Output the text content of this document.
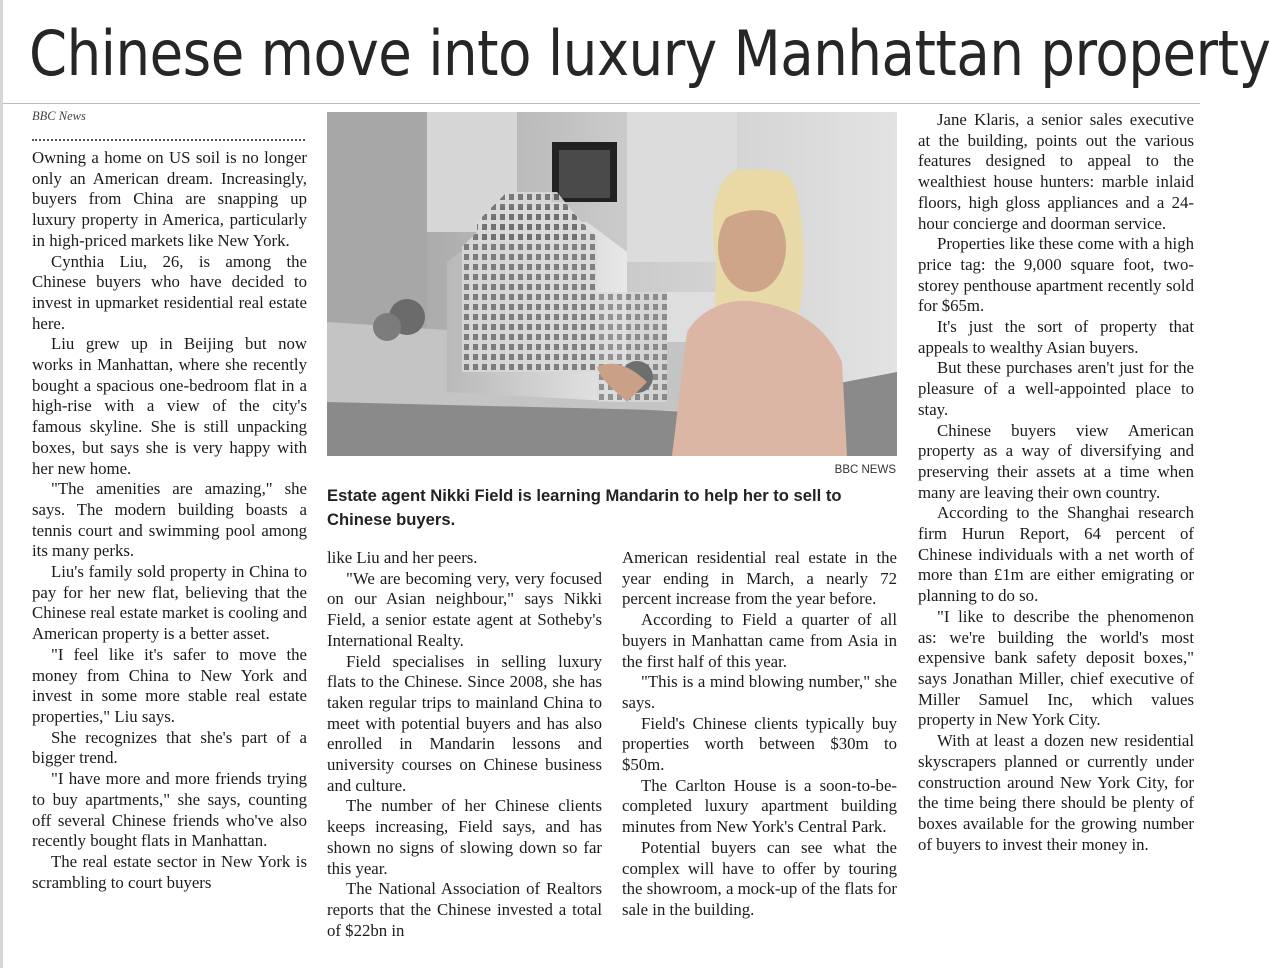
Chinese move into luxury Manhattan property

BBC News

Owning a home on US soil is no longer only an American dream. Increasingly, buyers from China are snapping up luxury property in America, particularly in high-priced markets like New York.

Cynthia Liu, 26, is among the Chinese buyers who have decided to invest in upmarket residential real estate here.

Liu grew up in Beijing but now works in Manhattan, where she recently bought a spacious one-bedroom flat in a high-rise with a view of the city's famous skyline. She is still unpacking boxes, but says she is very happy with her new home.

"The amenities are amazing," she says. The modern building boasts a tennis court and swimming pool among its many perks.

Liu's family sold property in China to pay for her new flat, believing that the Chinese real estate market is cooling and American property is a better asset.

"I feel like it's safer to move the money from China to New York and invest in some more stable real estate properties," Liu says.

She recognizes that she's part of a bigger trend.

"I have more and more friends trying to buy apartments," she says, counting off several Chinese friends who've also recently bought flats in Manhattan.

The real estate sector in New York is scrambling to court buyers

BBC NEWS

Estate agent Nikki Field is learning Mandarin to help her to sell to Chinese buyers.

like Liu and her peers.

"We are becoming very, very focused on our Asian neighbour," says Nikki Field, a senior estate agent at Sotheby's International Realty.

Field specialises in selling luxury flats to the Chinese. Since 2008, she has taken regular trips to mainland China to meet with potential buyers and has also enrolled in Mandarin lessons and university courses on Chinese business and culture.

The number of her Chinese clients keeps increasing, Field says, and has shown no signs of slowing down so far this year.

The National Association of Realtors reports that the Chinese invested a total of $22bn in

American residential real estate in the year ending in March, a nearly 72 percent increase from the year before.

According to Field a quarter of all buyers in Manhattan came from Asia in the first half of this year.

"This is a mind blowing number," she says.

Field's Chinese clients typically buy properties worth between $30m to $50m.

The Carlton House is a soon-to-be-completed luxury apartment building minutes from New York's Central Park.

Potential buyers can see what the complex will have to offer by touring the showroom, a mock-up of the flats for sale in the building.

Jane Klaris, a senior sales executive at the building, points out the various features designed to appeal to the wealthiest house hunters: marble inlaid floors, high gloss appliances and a 24-hour concierge and doorman service.

Properties like these come with a high price tag: the 9,000 square foot, two-storey penthouse apartment recently sold for $65m.

It's just the sort of property that appeals to wealthy Asian buyers.

But these purchases aren't just for the pleasure of a well-appointed place to stay.

Chinese buyers view American property as a way of diversifying and preserving their assets at a time when many are leaving their own country.

According to the Shanghai research firm Hurun Report, 64 percent of Chinese individuals with a net worth of more than £1m are either emigrating or planning to do so.

"I like to describe the phenomenon as: we're building the world's most expensive bank safety deposit boxes," says Jonathan Miller, chief executive of Miller Samuel Inc, which values property in New York City.

With at least a dozen new residential skyscrapers planned or currently under construction around New York City, for the time being there should be plenty of boxes available for the growing number of buyers to invest their money in.
